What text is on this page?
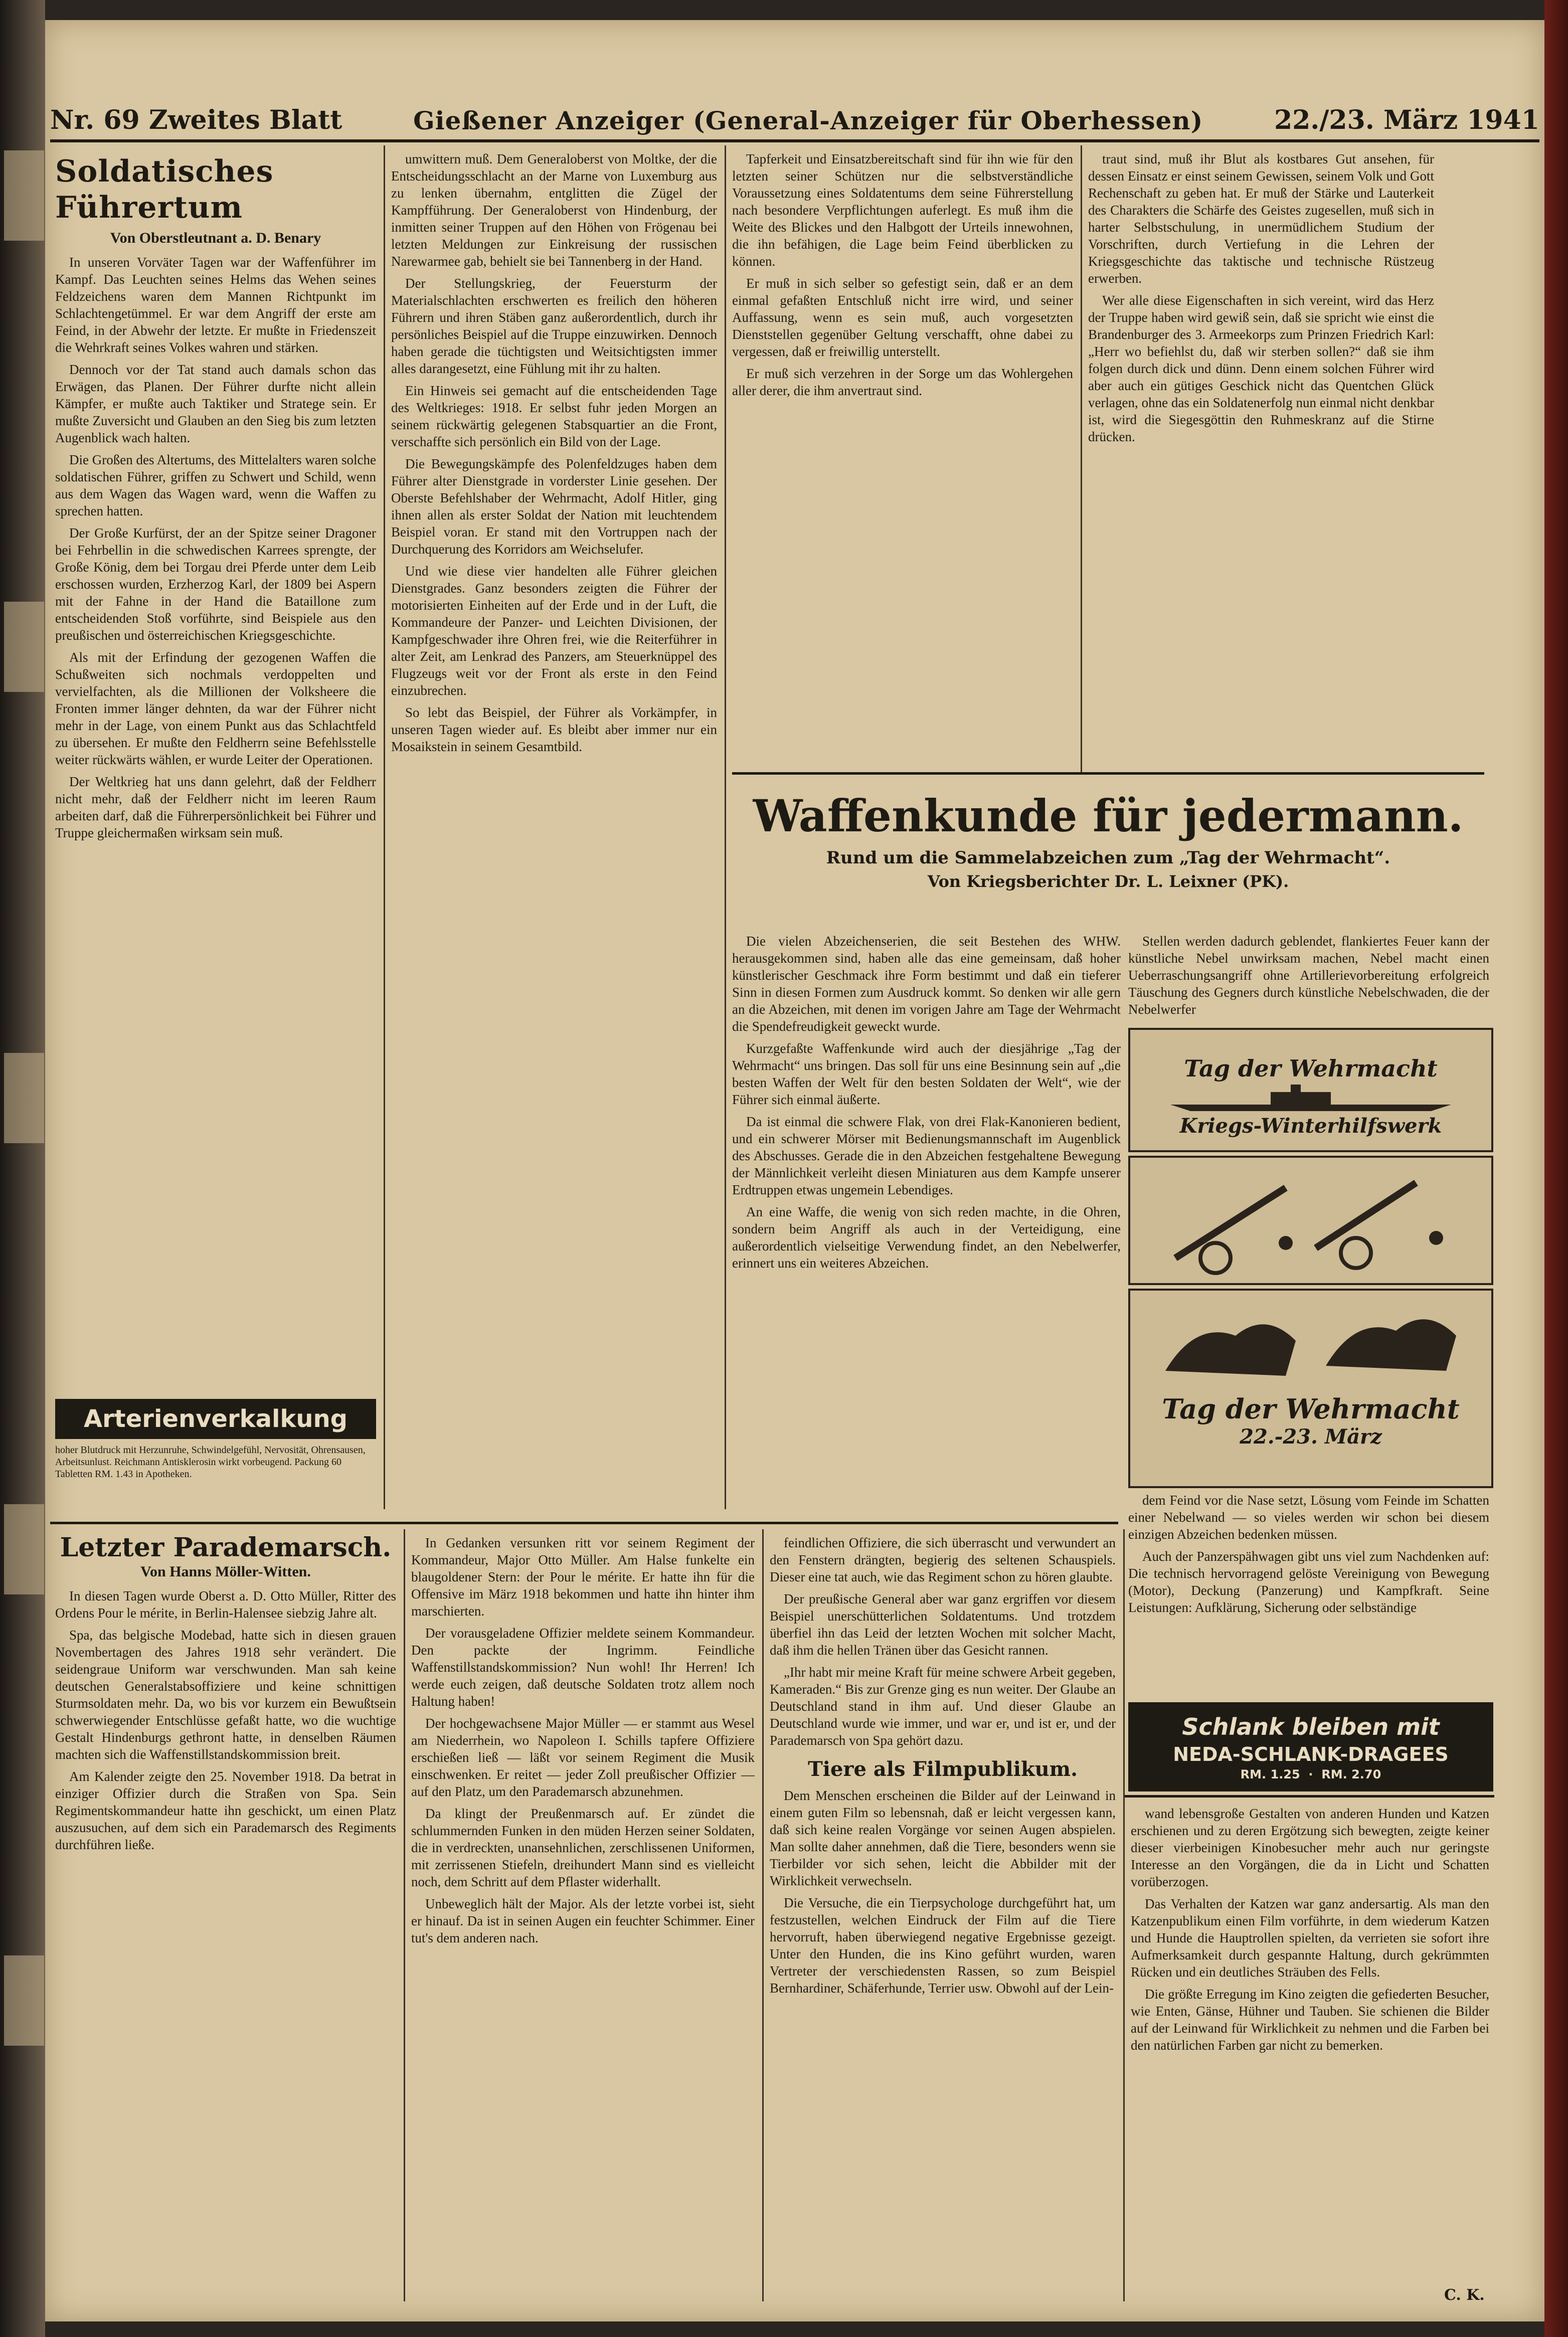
Nr. 69 Zweites Blatt	Gießener Anzeiger (General-Anzeiger für Oberhessen)	22./23. März 1941
Soldatisches Führertum
Von Oberstleutnant a. D. Benary

In unseren Vorväter Tagen war der Waffenführer im Kampf. Das Leuchten seines Helms das Wehen seines Feldzeichens waren dem Mannen Richtpunkt im Schlachtengetümmel. Er war dem Angriff der erste am Feind, in der Abwehr der letzte. Er mußte in Friedenszeit die Wehrkraft seines Volkes wahren und stärken.

Dennoch vor der Tat stand auch damals schon das Erwägen, das Planen. Der Führer durfte nicht allein Kämpfer, er mußte auch Taktiker und Stratege sein. Er mußte Zuversicht und Glauben an den Sieg bis zum letzten Augenblick wach halten.

Die Großen des Altertums, des Mittelalters waren solche soldatischen Führer, griffen zu Schwert und Schild, wenn aus dem Wagen das Wagen ward, wenn die Waffen zu sprechen hatten.

Der Große Kurfürst, der an der Spitze seiner Dragoner bei Fehrbellin in die schwedischen Karrees sprengte, der Große König, dem bei Torgau drei Pferde unter dem Leib erschossen wurden, Erzherzog Karl, der 1809 bei Aspern mit der Fahne in der Hand die Bataillone zum entscheidenden Stoß vorführte, sind Beispiele aus den preußischen und österreichischen Kriegsgeschichte.

Als mit der Erfindung der gezogenen Waffen die Schußweiten sich nochmals verdoppelten und vervielfachten, als die Millionen der Volksheere die Fronten immer länger dehnten, da war der Führer nicht mehr in der Lage, von einem Punkt aus das Schlachtfeld zu übersehen. Er mußte den Feldherrn seine Befehlsstelle weiter rückwärts wählen, er wurde Leiter der Operationen.

Der Weltkrieg hat uns dann gelehrt, daß der Feldherr nicht mehr, daß der Feldherr nicht im leeren Raum arbeiten darf, daß die Führerpersönlichkeit bei Führer und Truppe gleichermaßen wirksam sein muß.

Arterienverkalkung
hoher Blutdruck mit Herzunruhe, Schwindelgefühl, Nervosität, Ohrensausen, Arbeitsunlust. Reichmann Antisklerosin wirkt vorbeugend. Packung 60 Tabletten RM. 1.43 in Apotheken.

umwittern muß. Dem Generaloberst von Moltke, der die Entscheidungsschlacht an der Marne von Luxemburg aus zu lenken übernahm, entglitten die Zügel der Kampfführung. Der Generaloberst von Hindenburg, der inmitten seiner Truppen auf den Höhen von Frögenau bei letzten Meldungen zur Einkreisung der russischen Narewarmee gab, behielt sie bei Tannenberg in der Hand.

Der Stellungskrieg, der Feuersturm der Materialschlachten erschwerten es freilich den höheren Führern und ihren Stäben ganz außerordentlich, durch ihr persönliches Beispiel auf die Truppe einzuwirken. Dennoch haben gerade die tüchtigsten und Weitsichtigsten immer alles darangesetzt, eine Fühlung mit ihr zu halten.

Ein Hinweis sei gemacht auf die entscheidenden Tage des Weltkrieges: 1918. Er selbst fuhr jeden Morgen an seinem rückwärtig gelegenen Stabsquartier an die Front, verschaffte sich persönlich ein Bild von der Lage.

Die Bewegungskämpfe des Polenfeldzuges haben dem Führer alter Dienstgrade in vorderster Linie gesehen. Der Oberste Befehlshaber der Wehrmacht, Adolf Hitler, ging ihnen allen als erster Soldat der Nation mit leuchtendem Beispiel voran. Er stand mit den Vortruppen nach der Durchquerung des Korridors am Weichselufer.

Und wie diese vier handelten alle Führer gleichen Dienstgrades. Ganz besonders zeigten die Führer der motorisierten Einheiten auf der Erde und in der Luft, die Kommandeure der Panzer- und Leichten Divisionen, der Kampfgeschwader ihre Ohren frei, wie die Reiterführer in alter Zeit, am Lenkrad des Panzers, am Steuerknüppel des Flugzeugs weit vor der Front als erste in den Feind einzubrechen.

So lebt das Beispiel, der Führer als Vorkämpfer, in unseren Tagen wieder auf. Es bleibt aber immer nur ein Mosaikstein in seinem Gesamtbild.

Tapferkeit und Einsatzbereitschaft sind für ihn wie für den letzten seiner Schützen nur die selbstverständliche Voraussetzung eines Soldatentums dem seine Führerstellung nach besondere Verpflichtungen auferlegt. Es muß ihm die Weite des Blickes und den Halbgott der Urteils innewohnen, die ihn befähigen, die Lage beim Feind überblicken zu können.

Er muß in sich selber so gefestigt sein, daß er an dem einmal gefaßten Entschluß nicht irre wird, und seiner Auffassung, wenn es sein muß, auch vorgesetzten Dienststellen gegenüber Geltung verschafft, ohne dabei zu vergessen, daß er freiwillig unterstellt.

Er muß sich verzehren in der Sorge um das Wohlergehen aller derer, die ihm anvertraut sind.

traut sind, muß ihr Blut als kostbares Gut ansehen, für dessen Einsatz er einst seinem Gewissen, seinem Volk und Gott Rechenschaft zu geben hat. Er muß der Stärke und Lauterkeit des Charakters die Schärfe des Geistes zugesellen, muß sich in harter Selbstschulung, in unermüdlichem Studium der Vorschriften, durch Vertiefung in die Lehren der Kriegsgeschichte das taktische und technische Rüstzeug erwerben.

Wer alle diese Eigenschaften in sich vereint, wird das Herz der Truppe haben wird gewiß sein, daß sie spricht wie einst die Brandenburger des 3. Armeekorps zum Prinzen Friedrich Karl: „Herr wo befiehlst du, daß wir sterben sollen?“ daß sie ihm folgen durch dick und dünn. Denn einem solchen Führer wird aber auch ein gütiges Geschick nicht das Quentchen Glück verlagen, ohne das ein Soldatenerfolg nun einmal nicht denkbar ist, wird die Siegesgöttin den Ruhmeskranz auf die Stirne drücken.

Waffenkunde für jedermann.
Rund um die Sammelabzeichen zum „Tag der Wehrmacht“.
Von Kriegsberichter Dr. L. Leixner (PK).

Die vielen Abzeichenserien, die seit Bestehen des WHW. herausgekommen sind, haben alle das eine gemeinsam, daß hoher künstlerischer Geschmack ihre Form bestimmt und daß ein tieferer Sinn in diesen Formen zum Ausdruck kommt. So denken wir alle gern an die Abzeichen, mit denen im vorigen Jahre am Tage der Wehrmacht die Spendefreudigkeit geweckt wurde.

Kurzgefaßte Waffenkunde wird auch der diesjährige „Tag der Wehrmacht“ uns bringen. Das soll für uns eine Besinnung sein auf „die besten Waffen der Welt für den besten Soldaten der Welt“, wie der Führer sich einmal äußerte.

Da ist einmal die schwere Flak, von drei Flak-Kanonieren bedient, und ein schwerer Mörser mit Bedienungsmannschaft im Augenblick des Abschusses. Gerade die in den Abzeichen festgehaltene Bewegung der Männlichkeit verleiht diesen Miniaturen aus dem Kampfe unserer Erdtruppen etwas ungemein Lebendiges.

An eine Waffe, die wenig von sich reden machte, in die Ohren, sondern beim Angriff als auch in der Verteidigung, eine außerordentlich vielseitige Verwendung findet, an den Nebelwerfer, erinnert uns ein weiteres Abzeichen.

Stellen werden dadurch geblendet, flankiertes Feuer kann der künstliche Nebel unwirksam machen, Nebel macht einen Ueberraschungsangriff ohne Artillerievorbereitung erfolgreich Täuschung des Gegners durch künstliche Nebelschwaden, die der Nebelwerfer

Tag der Wehrmacht
Kriegs-Winterhilfswerk
Tag der Wehrmacht
22.-23. März

dem Feind vor die Nase setzt, Lösung vom Feinde im Schatten einer Nebelwand — so vieles werden wir schon bei diesem einzigen Abzeichen bedenken müssen.

Auch der Panzerspähwagen gibt uns viel zum Nachdenken auf: Die technisch hervorragend gelöste Vereinigung von Bewegung (Motor), Deckung (Panzerung) und Kampfkraft. Seine Leistungen: Aufklärung, Sicherung oder selbständige

Schlank bleiben mit
NEDA-SCHLANK-DRAGEES
RM. 1.25  ·  RM. 2.70
Letzter Parademarsch.
Von Hanns Möller-Witten.

In diesen Tagen wurde Oberst a. D. Otto Müller, Ritter des Ordens Pour le mérite, in Berlin-Halensee siebzig Jahre alt.

Spa, das belgische Modebad, hatte sich in diesen grauen Novembertagen des Jahres 1918 sehr verändert. Die seidengraue Uniform war verschwunden. Man sah keine deutschen Generalstabsoffiziere und keine schnittigen Sturmsoldaten mehr. Da, wo bis vor kurzem ein Bewußtsein schwerwiegender Entschlüsse gefaßt hatte, wo die wuchtige Gestalt Hindenburgs gethront hatte, in denselben Räumen machten sich die Waffenstillstandskommission breit.

Am Kalender zeigte den 25. November 1918. Da betrat in einziger Offizier durch die Straßen von Spa. Sein Regimentskommandeur hatte ihn geschickt, um einen Platz auszusuchen, auf dem sich ein Parademarsch des Regiments durchführen ließe.

In Gedanken versunken ritt vor seinem Regiment der Kommandeur, Major Otto Müller. Am Halse funkelte ein blaugoldener Stern: der Pour le mérite. Er hatte ihn für die Offensive im März 1918 bekommen und hatte ihn hinter ihm marschierten.

Der vorausgeladene Offizier meldete seinem Kommandeur. Den packte der Ingrimm. Feindliche Waffenstillstandskommission? Nun wohl! Ihr Herren! Ich werde euch zeigen, daß deutsche Soldaten trotz allem noch Haltung haben!

Der hochgewachsene Major Müller — er stammt aus Wesel am Niederrhein, wo Napoleon I. Schills tapfere Offiziere erschießen ließ — läßt vor seinem Regiment die Musik einschwenken. Er reitet — jeder Zoll preußischer Offizier — auf den Platz, um den Parademarsch abzunehmen.

Da klingt der Preußenmarsch auf. Er zündet die schlummernden Funken in den müden Herzen seiner Soldaten, die in verdreckten, unansehnlichen, zerschlissenen Uniformen, mit zerrissenen Stiefeln, dreihundert Mann sind es vielleicht noch, dem Schritt auf dem Pflaster widerhallt.

Unbeweglich hält der Major. Als der letzte vorbei ist, sieht er hinauf. Da ist in seinen Augen ein feuchter Schimmer. Einer tut's dem anderen nach.

feindlichen Offiziere, die sich überrascht und verwundert an den Fenstern drängten, begierig des seltenen Schauspiels. Dieser eine tat auch, wie das Regiment schon zu hören glaubte.

Der preußische General aber war ganz ergriffen vor diesem Beispiel unerschütterlichen Soldatentums. Und trotzdem überfiel ihn das Leid der letzten Wochen mit solcher Macht, daß ihm die hellen Tränen über das Gesicht rannen.

„Ihr habt mir meine Kraft für meine schwere Arbeit gegeben, Kameraden.“ Bis zur Grenze ging es nun weiter. Der Glaube an Deutschland stand in ihm auf. Und dieser Glaube an Deutschland wurde wie immer, und war er, und ist er, und der Parademarsch von Spa gehört dazu.

Tiere als Filmpublikum.

Dem Menschen erscheinen die Bilder auf der Leinwand in einem guten Film so lebensnah, daß er leicht vergessen kann, daß sich keine realen Vorgänge vor seinen Augen abspielen. Man sollte daher annehmen, daß die Tiere, besonders wenn sie Tierbilder vor sich sehen, leicht die Abbilder mit der Wirklichkeit verwechseln.

Die Versuche, die ein Tierpsychologe durchgeführt hat, um festzustellen, welchen Eindruck der Film auf die Tiere hervorruft, haben überwiegend negative Ergebnisse gezeigt. Unter den Hunden, die ins Kino geführt wurden, waren Vertreter der verschiedensten Rassen, so zum Beispiel Bernhardiner, Schäferhunde, Terrier usw. Obwohl auf der Lein-

wand lebensgroße Gestalten von anderen Hunden und Katzen erschienen und zu deren Ergötzung sich bewegten, zeigte keiner dieser vierbeinigen Kinobesucher mehr auch nur geringste Interesse an den Vorgängen, die da in Licht und Schatten vorüberzogen.

Das Verhalten der Katzen war ganz andersartig. Als man den Katzenpublikum einen Film vorführte, in dem wiederum Katzen und Hunde die Hauptrollen spielten, da verrieten sie sofort ihre Aufmerksamkeit durch gespannte Haltung, durch gekrümmten Rücken und ein deutliches Sträuben des Fells.

Die größte Erregung im Kino zeigten die gefiederten Besucher, wie Enten, Gänse, Hühner und Tauben. Sie schienen die Bilder auf der Leinwand für Wirklichkeit zu nehmen und die Farben bei den natürlichen Farben gar nicht zu bemerken.

C. K.
